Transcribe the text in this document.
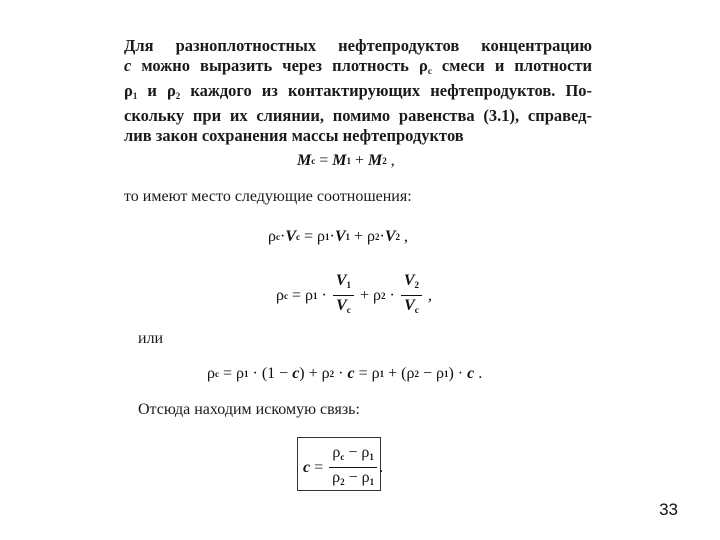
Для разноплотностных нефтепродуктов концентрацию
c можно выразить через плотность $\rho_c$ смеси и плотности
$\rho_1$ и $\rho_2$ каждого из контактирующих нефтепродуктов. По-
скольку при их слиянии, помимо равенства (3.1), справед-
лив закон сохранения массы нефтепродуктов
M c = M 1 + M 2 ,
то имеют место следующие соотношения:
ρ c · V c = ρ 1 · V 1 + ρ 2 · V 2 ,
ρ c = ρ $1 \cdot \frac{V_1}{V_c} + \rho$ $2 \cdot \frac{V_2}{V_c}$ ,
или
ρ c = ρ 1 · (1 − c ) + ρ 2 · c = ρ 1 + ( ρ 2 − ρ 1 ) · c .
Отсюда находим искомую связь:
$c = \frac{\rho_c - \rho_1}{\rho_2 - \rho_1}$ .
33
